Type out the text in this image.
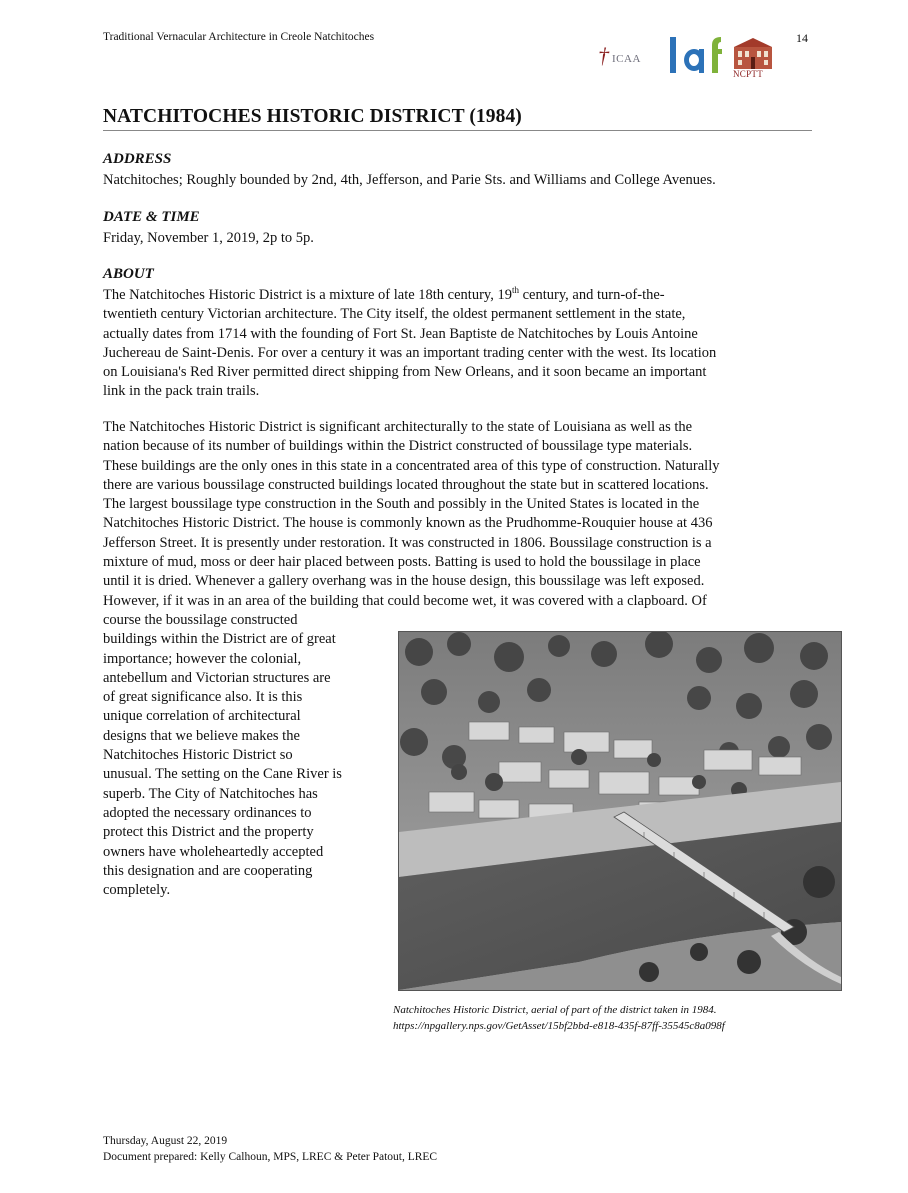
Traditional Vernacular Architecture in Creole Natchitoches	14
† ICAA
NCPTT
NATCHITOCHES HISTORIC DISTRICT (1984)
ADDRESS
Natchitoches; Roughly bounded by 2nd, 4th, Jefferson, and Parie Sts. and Williams and College Avenues.
DATE & TIME
Friday, November 1, 2019, 2p to 5p.
ABOUT
The Natchitoches Historic District is a mixture of late 18th century, 19th century, and turn-of-the-
twentieth century Victorian architecture. The City itself, the oldest permanent settlement in the state,
actually dates from 1714 with the founding of Fort St. Jean Baptiste de Natchitoches by Louis Antoine
Juchereau de Saint-Denis. For over a century it was an important trading center with the west. Its location
on Louisiana's Red River permitted direct shipping from New Orleans, and it soon became an important
link in the pack train trails.
The Natchitoches Historic District is significant architecturally to the state of Louisiana as well as the
nation because of its number of buildings within the District constructed of boussilage type materials.
These buildings are the only ones in this state in a concentrated area of this type of construction. Naturally
there are various boussilage constructed buildings located throughout the state but in scattered locations.
The largest boussilage type construction in the South and possibly in the United States is located in the
Natchitoches Historic District. The house is commonly known as the Prudhomme-Rouquier house at 436
Jefferson Street. It is presently under restoration. It was constructed in 1806. Boussilage construction is a
mixture of mud, moss or deer hair placed between posts. Batting is used to hold the boussilage in place
until it is dried. Whenever a gallery overhang was in the house design, this boussilage was left exposed.
However, if it was in an area of the building that could become wet, it was covered with a clapboard. Of
course the boussilage constructed
buildings within the District are of great
importance; however the colonial,
antebellum and Victorian structures are
of great significance also. It is this
unique correlation of architectural
designs that we believe makes the
Natchitoches Historic District so
unusual. The setting on the Cane River is
superb. The City of Natchitoches has
adopted the necessary ordinances to
protect this District and the property
owners have wholeheartedly accepted
this designation and are cooperating
completely.
Natchitoches Historic District, aerial of part of the district taken in 1984.
https://npgallery.nps.gov/GetAsset/15bf2bbd-e818-435f-87ff-35545c8a098f
Thursday, August 22, 2019
Document prepared: Kelly Calhoun, MPS, LREC & Peter Patout, LREC
